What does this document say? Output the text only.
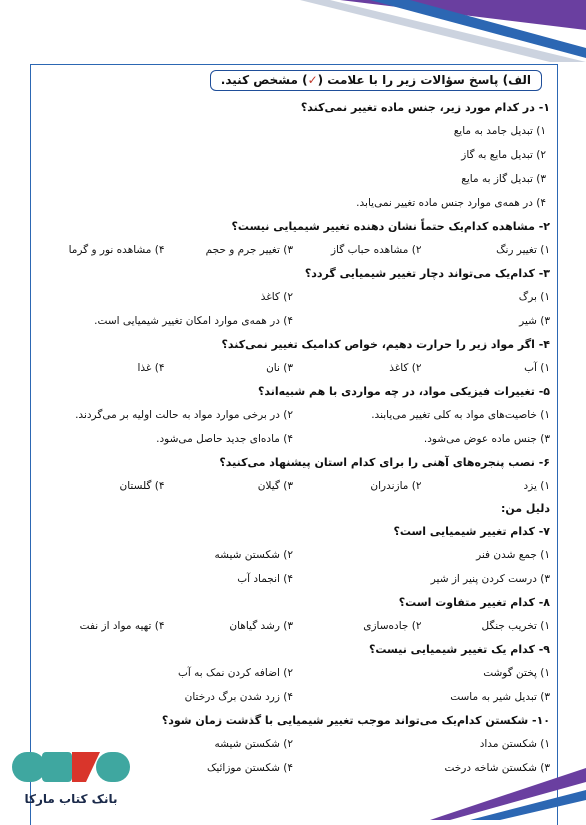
الف) پاسخ سؤالات زیر را با علامت (✓) مشخص کنید.
۱- در کدام مورد زیر، جنس ماده تغییر نمی‌کند؟
۱) تبدیل جامد به مایع
۲) تبدیل مایع به گاز
۳) تبدیل گاز به مایع
۴) در همه‌ی موارد جنس ماده تغییر نمی‌یابد.
۲- مشاهده کدام‌یک حتماً نشان دهنده تغییر شیمیایی نیست؟
۱) تغییر رنگ
۲) مشاهده حباب گاز
۳) تغییر جرم و حجم
۴) مشاهده نور و گرما
۳- کدام‌یک می‌تواند دچار تغییر شیمیایی گردد؟
۱) برگ
۲) کاغذ
۳) شیر
۴) در همه‌ی موارد امکان تغییر شیمیایی است.
۴- اگر مواد زیر را حرارت دهیم، خواص کدامیک تغییر نمی‌کند؟
۱) آب
۲) کاغذ
۳) نان
۴) غذا
۵- تغییرات فیزیکی مواد، در چه مواردی با هم شبیه‌اند؟
۱) خاصیت‌های مواد به کلی تغییر می‌یابند.
۲) در برخی موارد مواد به حالت اولیه بر می‌گردند.
۳) جنس ماده عوض می‌شود.
۴) ماده‌ای جدید حاصل می‌شود.
۶- نصب پنجره‌های آهنی را برای کدام استان پیشنهاد می‌کنید؟
۱) یزد
۲) مازندران
۳) گیلان
۴) گلستان
دلیل من:
۷- کدام تغییر شیمیایی است؟
۱) جمع شدن فنر
۲) شکستن شیشه
۳) درست کردن پنیر از شیر
۴) انجماد آب
۸- کدام تغییر متفاوت است؟
۱) تخریب جنگل
۲) جاده‌سازی
۳) رشد گیاهان
۴) تهیه مواد از نفت
۹- کدام یک تغییر شیمیایی نیست؟
۱) پختن گوشت
۲) اضافه کردن نمک به آب
۳) تبدیل شیر به ماست
۴) زرد شدن برگ درختان
۱۰- شکستن کدام‌یک می‌تواند موجب تغییر شیمیایی با گذشت زمان شود؟
۱) شکستن مداد
۲) شکستن شیشه
۳) شکستن شاخه درخت
۴) شکستن موزائیک
بانک کتاب مارکا
